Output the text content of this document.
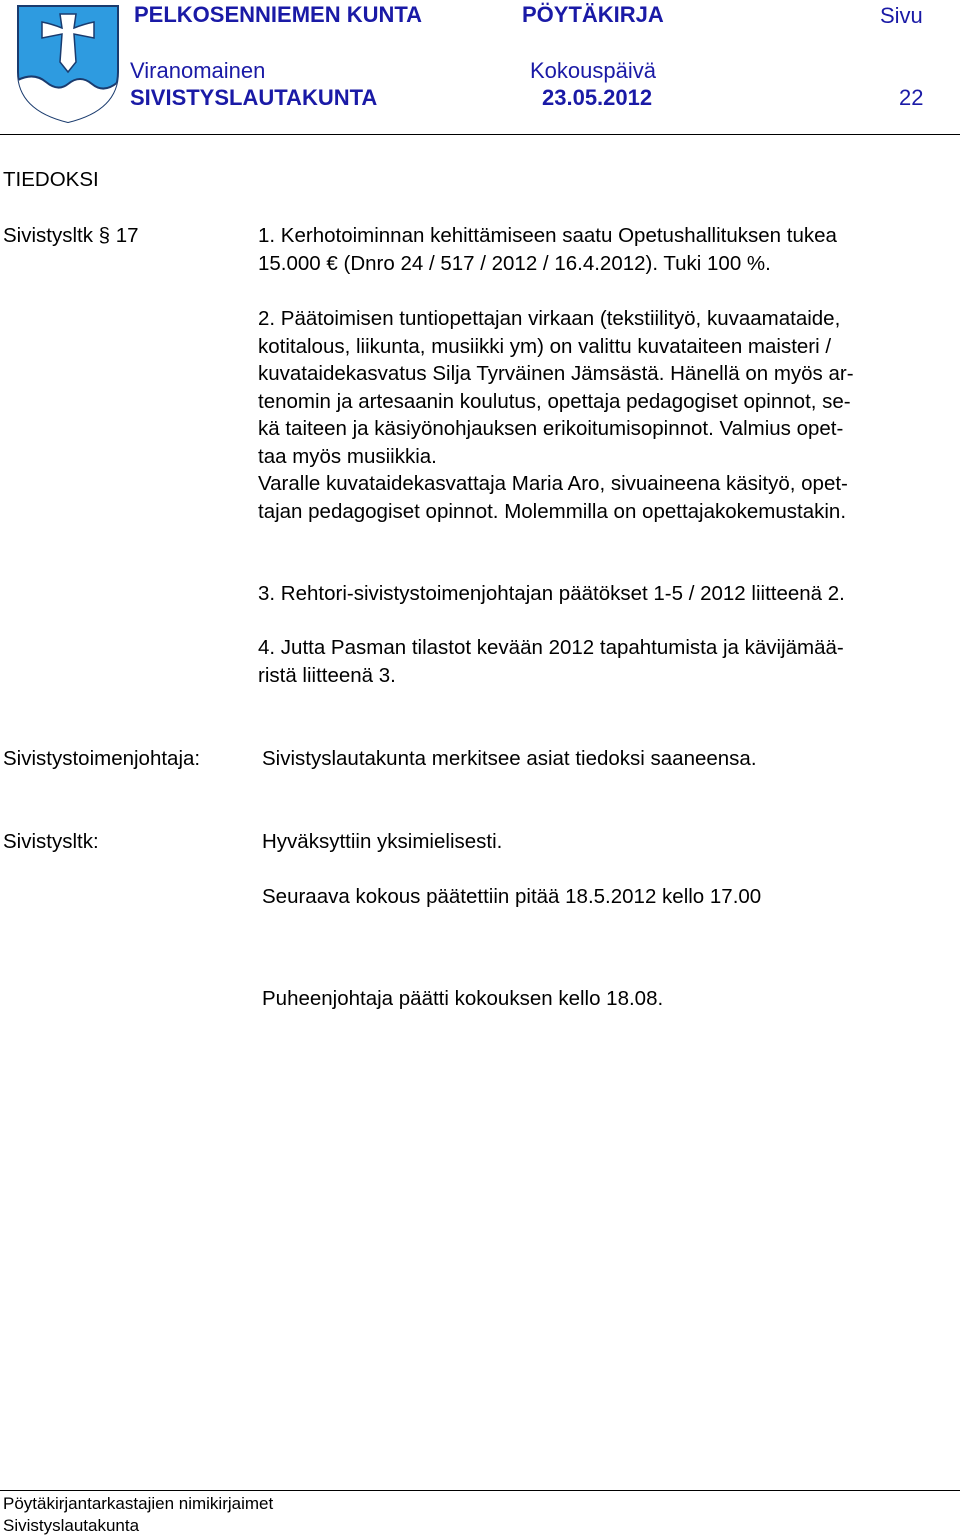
PELKOSENNIEMEN KUNTA	PÖYTÄKIRJA	Sivu
Viranomainen	Kokouspäivä
SIVISTYSLAUTAKUNTA	23.05.2012	22
TIEDOKSI
Sivistysltk § 17	1. Kerhotoiminnan kehittämiseen saatu Opetushallituksen tukea
15.000 € (Dnro 24 / 517 / 2012 / 16.4.2012). Tuki 100 %.
2. Päätoimisen tuntiopettajan virkaan (tekstiilityö, kuvaamataide,
kotitalous, liikunta, musiikki ym) on valittu kuvataiteen maisteri /
kuvataidekasvatus Silja Tyrväinen Jämsästä. Hänellä on myös ar-
tenomin ja artesaanin koulutus, opettaja pedagogiset opinnot, se-
kä taiteen ja käsiyönohjauksen erikoitumisopinnot. Valmius opet-
taa myös musiikkia.
Varalle kuvataidekasvattaja Maria Aro, sivuaineena käsityö, opet-
tajan pedagogiset opinnot. Molemmilla on opettajakokemustakin.
3. Rehtori-sivistystoimenjohtajan päätökset 1-5 / 2012 liitteenä 2.
4. Jutta Pasman tilastot kevään 2012 tapahtumista ja kävijämää-
ristä liitteenä 3.
Sivistystoimenjohtaja:	Sivistyslautakunta merkitsee asiat tiedoksi saaneensa.
Sivistysltk:	Hyväksyttiin yksimielisesti.
Seuraava kokous päätettiin pitää 18.5.2012 kello 17.00
Puheenjohtaja päätti kokouksen kello 18.08.
Pöytäkirjantarkastajien nimikirjaimet
Sivistyslautakunta
